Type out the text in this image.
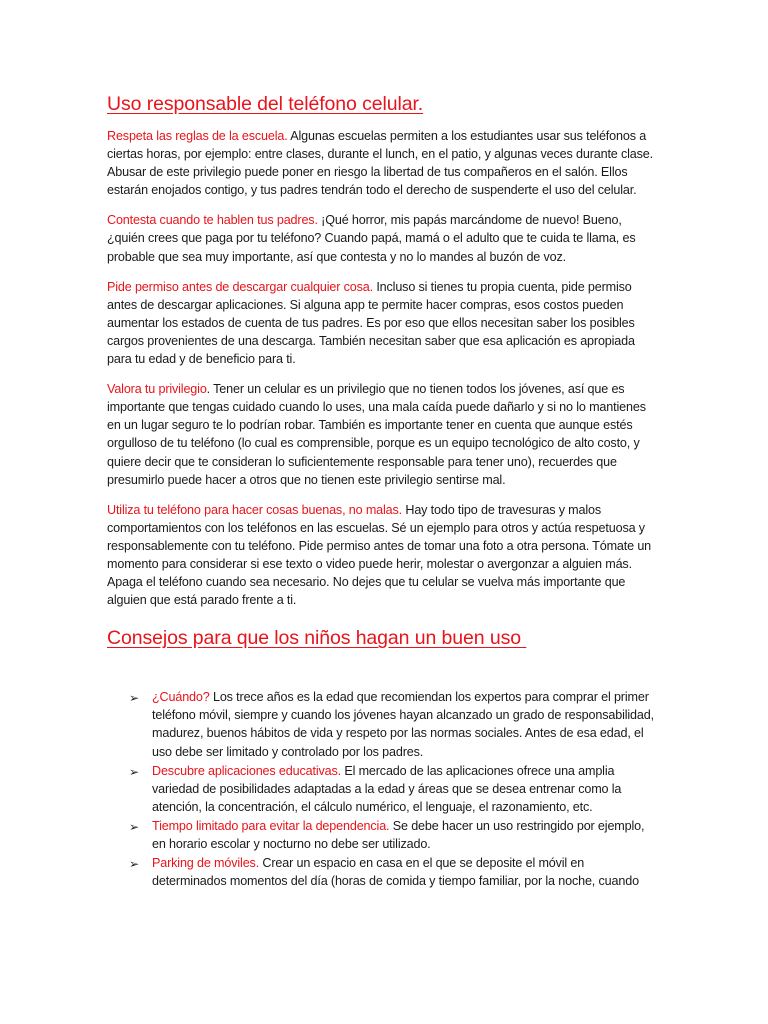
Uso responsable del teléfono celular.

Respeta las reglas de la escuela. Algunas escuelas permiten a los estudiantes usar sus teléfonos a ciertas horas, por ejemplo: entre clases, durante el lunch, en el patio, y algunas veces durante clase. Abusar de este privilegio puede poner en riesgo la libertad de tus compañeros en el salón. Ellos estarán enojados contigo, y tus padres tendrán todo el derecho de suspenderte el uso del celular.

Contesta cuando te hablen tus padres. ¡Qué horror, mis papás marcándome de nuevo! Bueno, ¿quién crees que paga por tu teléfono? Cuando papá, mamá o el adulto que te cuida te llama, es probable que sea muy importante, así que contesta y no lo mandes al buzón de voz.

Pide permiso antes de descargar cualquier cosa. Incluso si tienes tu propia cuenta, pide permiso antes de descargar aplicaciones. Si alguna app te permite hacer compras, esos costos pueden aumentar los estados de cuenta de tus padres. Es por eso que ellos necesitan saber los posibles cargos provenientes de una descarga. También necesitan saber que esa aplicación es apropiada para tu edad y de beneficio para ti.

Valora tu privilegio. Tener un celular es un privilegio que no tienen todos los jóvenes, así que es importante que tengas cuidado cuando lo uses, una mala caída puede dañarlo y si no lo mantienes en un lugar seguro te lo podrían robar. También es importante tener en cuenta que aunque estés orgulloso de tu teléfono (lo cual es comprensible, porque es un equipo tecnológico de alto costo, y quiere decir que te consideran lo suficientemente responsable para tener uno), recuerdes que presumirlo puede hacer a otros que no tienen este privilegio sentirse mal.

Utiliza tu teléfono para hacer cosas buenas, no malas. Hay todo tipo de travesuras y malos comportamientos con los teléfonos en las escuelas. Sé un ejemplo para otros y actúa respetuosa y responsablemente con tu teléfono. Pide permiso antes de tomar una foto a otra persona. Tómate un momento para considerar si ese texto o video puede herir, molestar o avergonzar a alguien más. Apaga el teléfono cuando sea necesario. No dejes que tu celular se vuelva más importante que alguien que está parado frente a ti.

Consejos para que los niños hagan un buen uso
➢ ¿Cuándo? Los trece años es la edad que recomiendan los expertos para comprar el primer teléfono móvil, siempre y cuando los jóvenes hayan alcanzado un grado de responsabilidad, madurez, buenos hábitos de vida y respeto por las normas sociales. Antes de esa edad, el uso debe ser limitado y controlado por los padres.
➢ Descubre aplicaciones educativas. El mercado de las aplicaciones ofrece una amplia variedad de posibilidades adaptadas a la edad y áreas que se desea entrenar como la atención, la concentración, el cálculo numérico, el lenguaje, el razonamiento, etc.
➢ Tiempo limitado para evitar la dependencia. Se debe hacer un uso restringido por ejemplo, en horario escolar y nocturno no debe ser utilizado.
➢ Parking de móviles. Crear un espacio en casa en el que se deposite el móvil en determinados momentos del día (horas de comida y tiempo familiar, por la noche, cuando
